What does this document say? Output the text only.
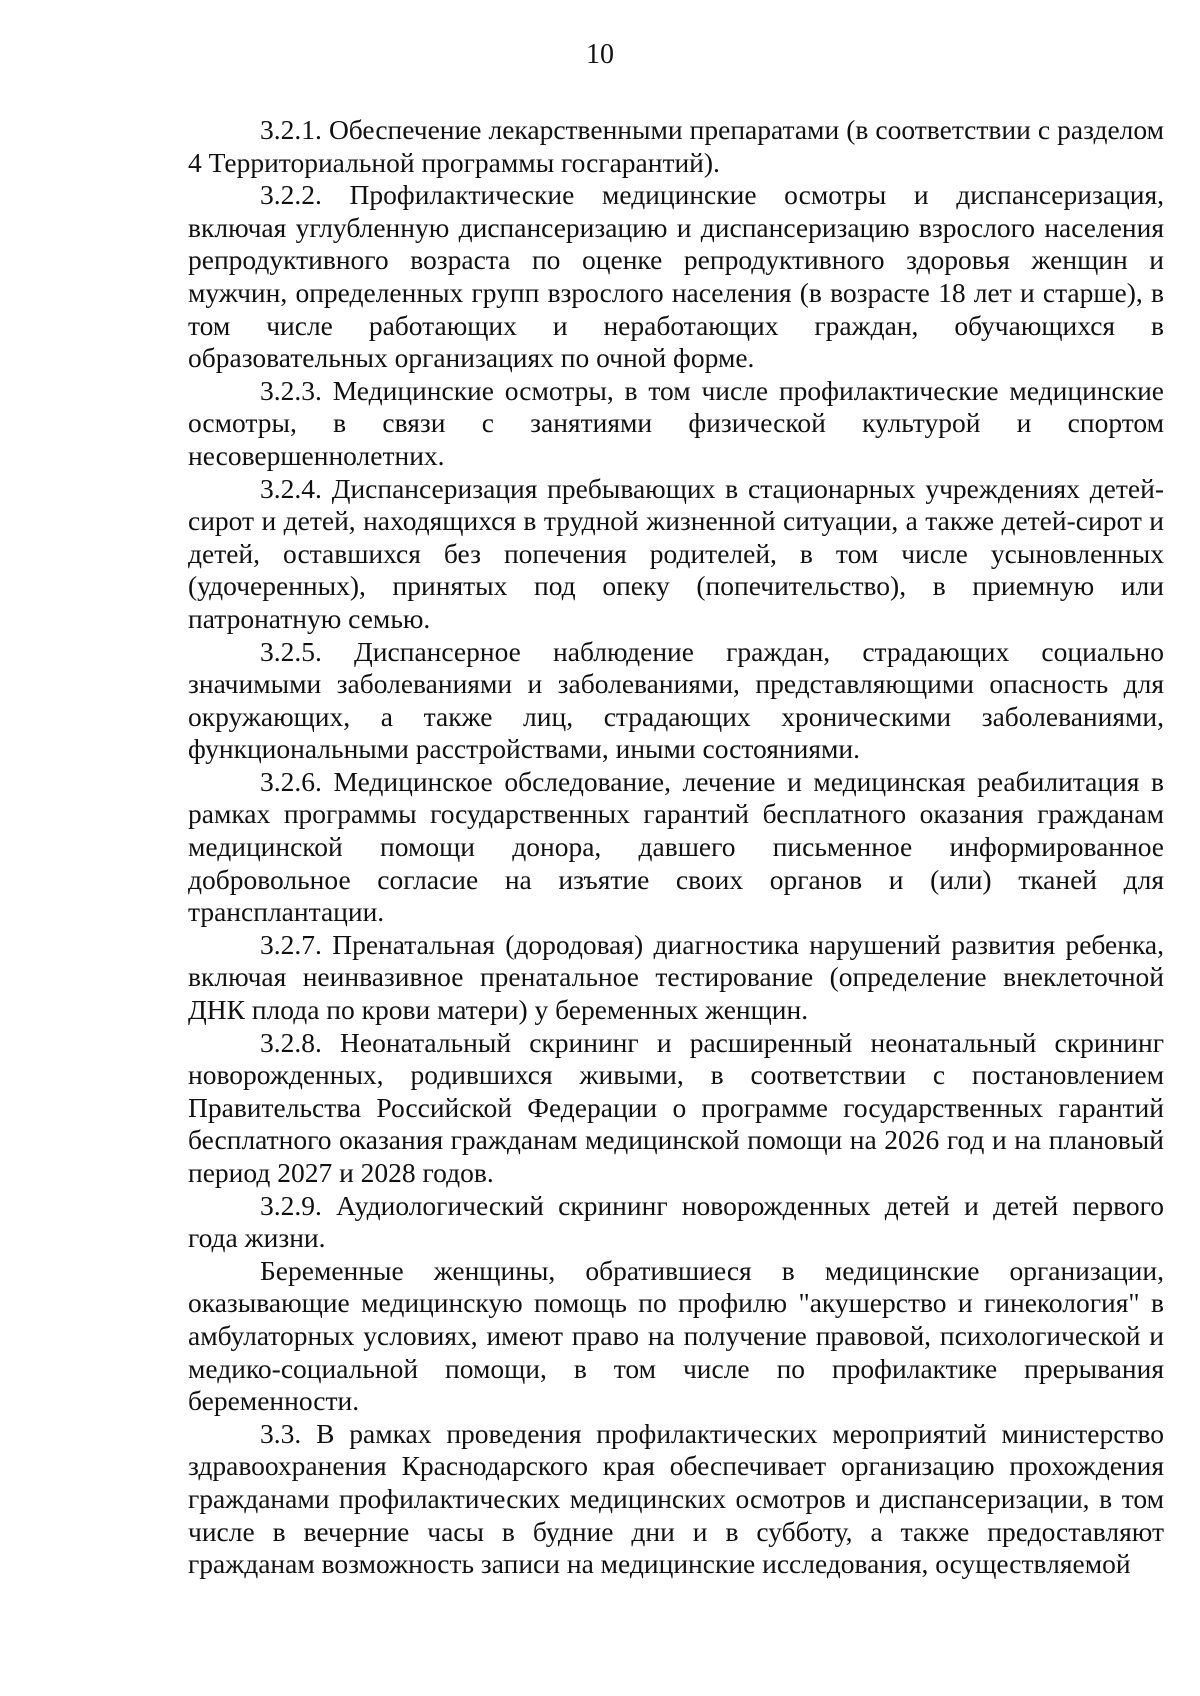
10

3.2.1. Обеспечение лекарственными препаратами (в соответствии с разделом 4 Территориальной программы госгарантий).

3.2.2. Профилактические медицинские осмотры и диспансеризация, включая углубленную диспансеризацию и диспансеризацию взрослого населения репродуктивного возраста по оценке репродуктивного здоровья женщин и мужчин, определенных групп взрослого населения (в возрасте 18 лет и старше), в том числе работающих и неработающих граждан, обучающихся в образовательных организациях по очной форме.

3.2.3. Медицинские осмотры, в том числе профилактические медицинские осмотры, в связи с занятиями физической культурой и спортом несовершеннолетних.

3.2.4. Диспансеризация пребывающих в стационарных учреждениях детей-сирот и детей, находящихся в трудной жизненной ситуации, а также детей-сирот и детей, оставшихся без попечения родителей, в том числе усыновленных (удочеренных), принятых под опеку (попечительство), в приемную или патронатную семью.

3.2.5. Диспансерное наблюдение граждан, страдающих социально значимыми заболеваниями и заболеваниями, представляющими опасность для окружающих, а также лиц, страдающих хроническими заболеваниями, функциональными расстройствами, иными состояниями.

3.2.6. Медицинское обследование, лечение и медицинская реабилитация в рамках программы государственных гарантий бесплатного оказания гражданам медицинской помощи донора, давшего письменное информированное добровольное согласие на изъятие своих органов и (или) тканей для трансплантации.

3.2.7. Пренатальная (дородовая) диагностика нарушений развития ребенка, включая неинвазивное пренатальное тестирование (определение внеклеточной ДНК плода по крови матери) у беременных женщин.

3.2.8. Неонатальный скрининг и расширенный неонатальный скрининг новорожденных, родившихся живыми, в соответствии с постановлением Правительства Российской Федерации о программе государственных гарантий бесплатного оказания гражданам медицинской помощи на 2026 год и на плановый период 2027 и 2028 годов.

3.2.9. Аудиологический скрининг новорожденных детей и детей первого года жизни.

Беременные женщины, обратившиеся в медицинские организации, оказывающие медицинскую помощь по профилю "акушерство и гинекология" в амбулаторных условиях, имеют право на получение правовой, психологической и медико-социальной помощи, в том числе по профилактике прерывания беременности.

3.3. В рамках проведения профилактических мероприятий министерство здравоохранения Краснодарского края обеспечивает организацию прохождения гражданами профилактических медицинских осмотров и диспансеризации, в том числе в вечерние часы в будние дни и в субботу, а также предоставляют гражданам возможность записи на медицинские исследования, осуществляемой
